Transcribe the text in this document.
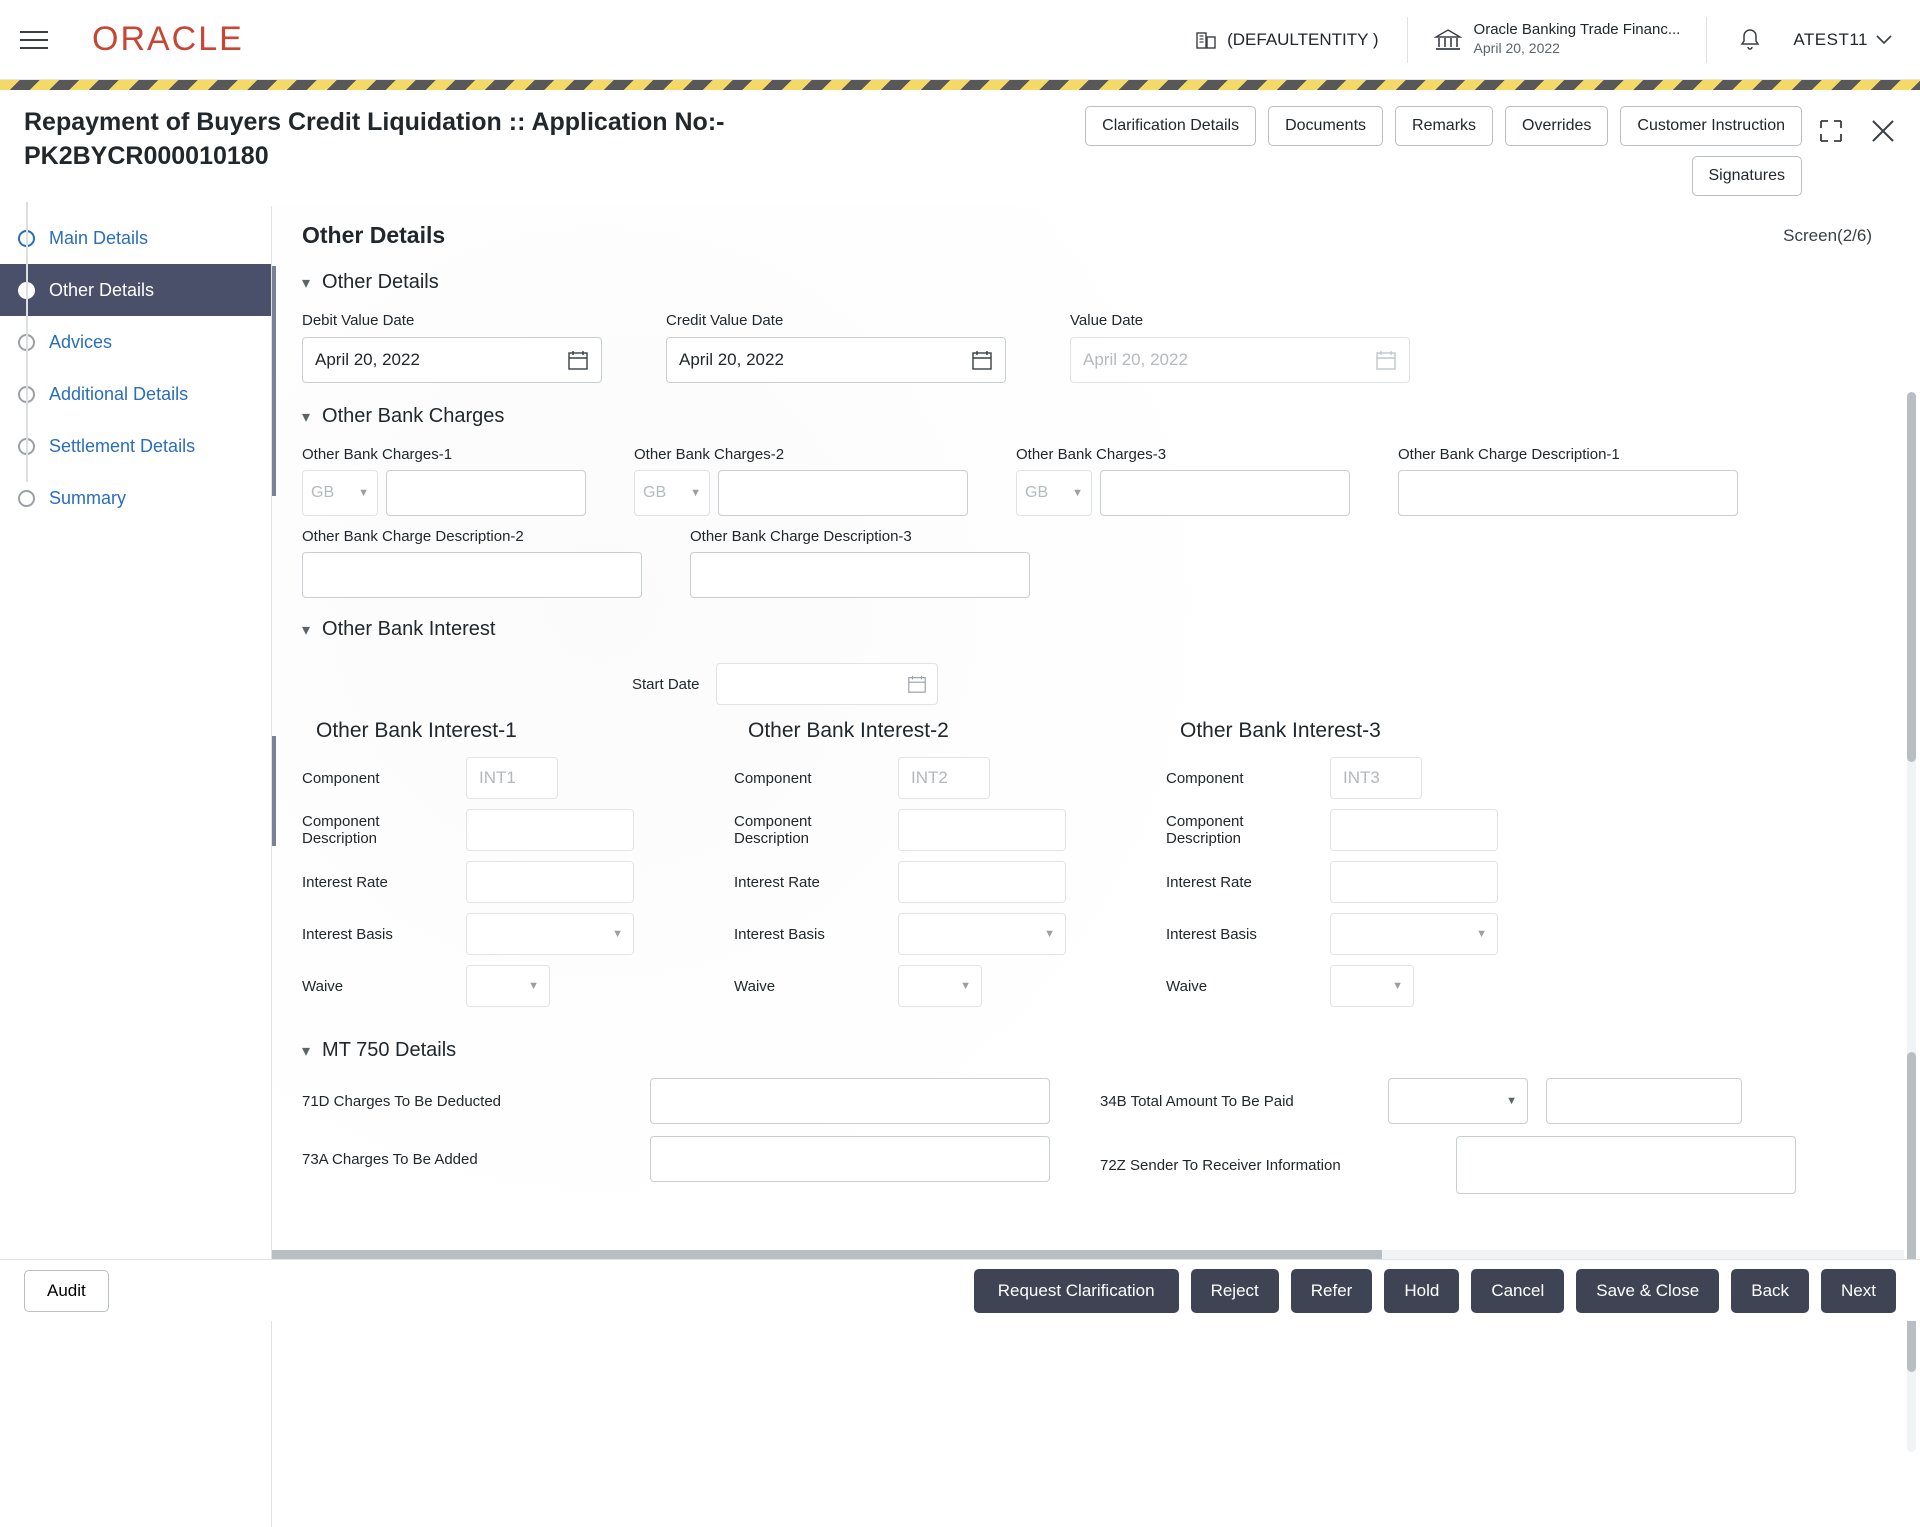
ORACLE	(DEFAULTENTITY )	Oracle Banking Trade Financ...
April 20, 2022	ATEST11
Repayment of Buyers Credit Liquidation :: Application No:- PK2BYCR000010180
Clarification Details	Documents	Remarks	Overrides	Customer Instruction
Signatures
Main Details
Other Details
Advices
Additional Details
Settlement Details
Summary
Other Details	Screen(2/6)
▾ Other Details
Debit Value Date
April 20, 2022
Credit Value Date
April 20, 2022
Value Date
April 20, 2022
▾ Other Bank Charges
Other Bank Charges-1
GB ▼
Other Bank Charges-2
GB ▼
Other Bank Charges-3
GB ▼
Other Bank Charge Description-1
Other Bank Charge Description-2	Other Bank Charge Description-3
▾ Other Bank Interest
Start Date
Other Bank Interest-1
Component	INT1
Component Description
Interest Rate
Interest Basis	▼
Waive	▼
Other Bank Interest-2
Component	INT2
Component Description
Interest Rate
Interest Basis	▼
Waive	▼
Other Bank Interest-3
Component	INT3
Component Description
Interest Rate
Interest Basis	▼
Waive	▼
▾ MT 750 Details
71D Charges To Be Deducted
73A Charges To Be Added
34B Total Amount To Be Paid	▼
72Z Sender To Receiver Information
Audit	Request Clarification	Reject	Refer	Hold	Cancel	Save & Close	Back	Next
